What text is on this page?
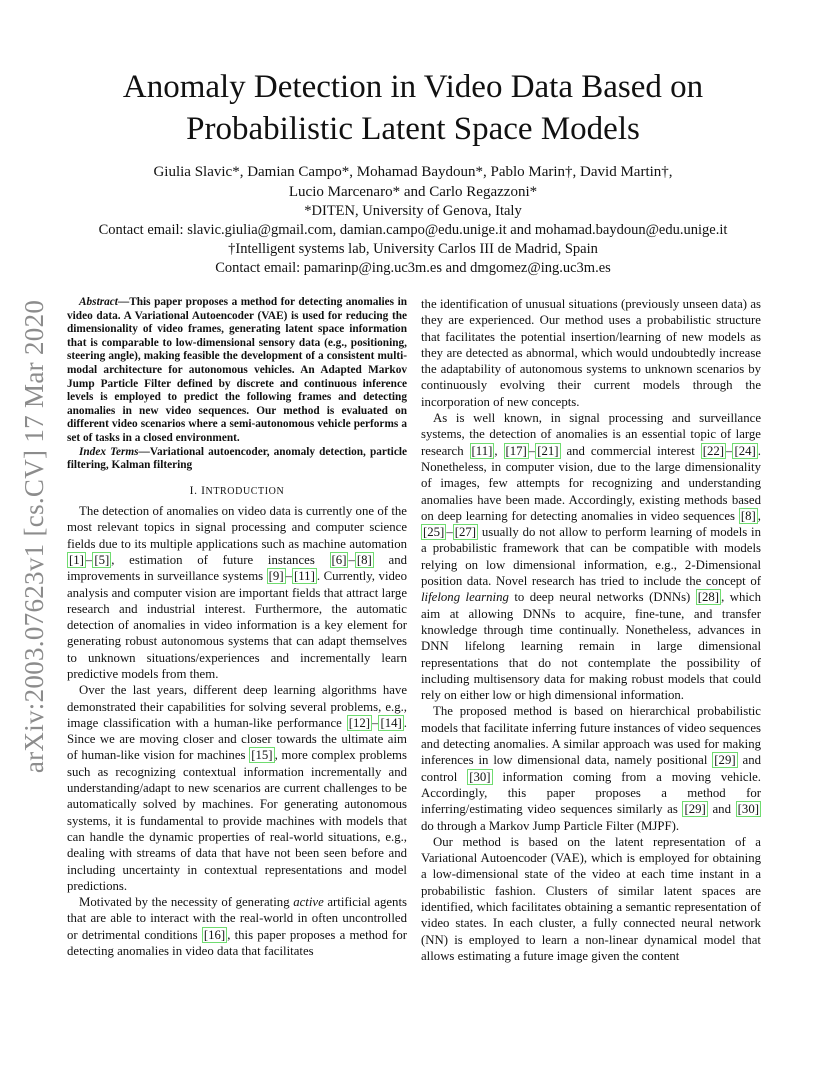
arXiv:2003.07623v1 [cs.CV] 17 Mar 2020
Anomaly Detection in Video Data Based on Probabilistic Latent Space Models
Giulia Slavic*, Damian Campo*, Mohamad Baydoun*, Pablo Marin†, David Martin†,
Lucio Marcenaro* and Carlo Regazzoni*
*DITEN, University of Genova, Italy
Contact email: slavic.giulia@gmail.com, damian.campo@edu.unige.it and mohamad.baydoun@edu.unige.it
†Intelligent systems lab, University Carlos III de Madrid, Spain
Contact email: pamarinp@ing.uc3m.es and dmgomez@ing.uc3m.es

Abstract—This paper proposes a method for detecting anomalies in video data. A Variational Autoencoder (VAE) is used for reducing the dimensionality of video frames, generating latent space information that is comparable to low-dimensional sensory data (e.g., positioning, steering angle), making feasible the development of a consistent multi-modal architecture for autonomous vehicles. An Adapted Markov Jump Particle Filter defined by discrete and continuous inference levels is employed to predict the following frames and detecting anomalies in new video sequences. Our method is evaluated on different video scenarios where a semi-autonomous vehicle performs a set of tasks in a closed environment.

Index Terms—Variational autoencoder, anomaly detection, particle filtering, Kalman filtering

I. INTRODUCTION

The detection of anomalies on video data is currently one of the most relevant topics in signal processing and computer science fields due to its multiple applications such as machine automation [1] – [5] , estimation of future instances [6] – [8] and improvements in surveillance systems [9] – [11] . Currently, video analysis and computer vision are important fields that attract large research and industrial interest. Furthermore, the automatic detection of anomalies in video information is a key element for generating robust autonomous systems that can adapt themselves to unknown situations/experiences and incrementally learn predictive models from them.

Over the last years, different deep learning algorithms have demonstrated their capabilities for solving several problems, e.g., image classification with a human-like performance [12] – [14] . Since we are moving closer and closer towards the ultimate aim of human-like vision for machines [15] , more complex problems such as recognizing contextual information incrementally and understanding/adapt to new scenarios are current challenges to be automatically solved by machines. For generating autonomous systems, it is fundamental to provide machines with models that can handle the dynamic properties of real-world situations, e.g., dealing with streams of data that have not been seen before and including uncertainty in contextual representations and model predictions.

Motivated by the necessity of generating active artificial agents that are able to interact with the real-world in often uncontrolled or detrimental conditions [16] , this paper proposes a method for detecting anomalies in video data that facilitates

the identification of unusual situations (previously unseen data) as they are experienced. Our method uses a probabilistic structure that facilitates the potential insertion/learning of new models as they are detected as abnormal, which would undoubtedly increase the adaptability of autonomous systems to unknown scenarios by continuously evolving their current models through the incorporation of new concepts.

As is well known, in signal processing and surveillance systems, the detection of anomalies is an essential topic of large research [11] , [17] – [21] and commercial interest [22] – [24] . Nonetheless, in computer vision, due to the large dimensionality of images, few attempts for recognizing and understanding anomalies have been made. Accordingly, existing methods based on deep learning for detecting anomalies in video sequences [8] , [25] – [27] usually do not allow to perform learning of models in a probabilistic framework that can be compatible with models relying on low dimensional information, e.g., 2-Dimensional position data. Novel research has tried to include the concept of lifelong learning to deep neural networks (DNNs) [28] , which aim at allowing DNNs to acquire, fine-tune, and transfer knowledge through time continually. Nonetheless, advances in DNN lifelong learning remain in large dimensional representations that do not contemplate the possibility of including multisensory data for making robust models that could rely on either low or high dimensional information.

The proposed method is based on hierarchical probabilistic models that facilitate inferring future instances of video sequences and detecting anomalies. A similar approach was used for making inferences in low dimensional data, namely positional [29] and control [30] information coming from a moving vehicle. Accordingly, this paper proposes a method for inferring/estimating video sequences similarly as [29] and [30] do through a Markov Jump Particle Filter (MJPF).

Our method is based on the latent representation of a Variational Autoencoder (VAE), which is employed for obtaining a low-dimensional state of the video at each time instant in a probabilistic fashion. Clusters of similar latent spaces are identified, which facilitates obtaining a semantic representation of video states. In each cluster, a fully connected neural network (NN) is employed to learn a non-linear dynamical model that allows estimating a future image given the content
